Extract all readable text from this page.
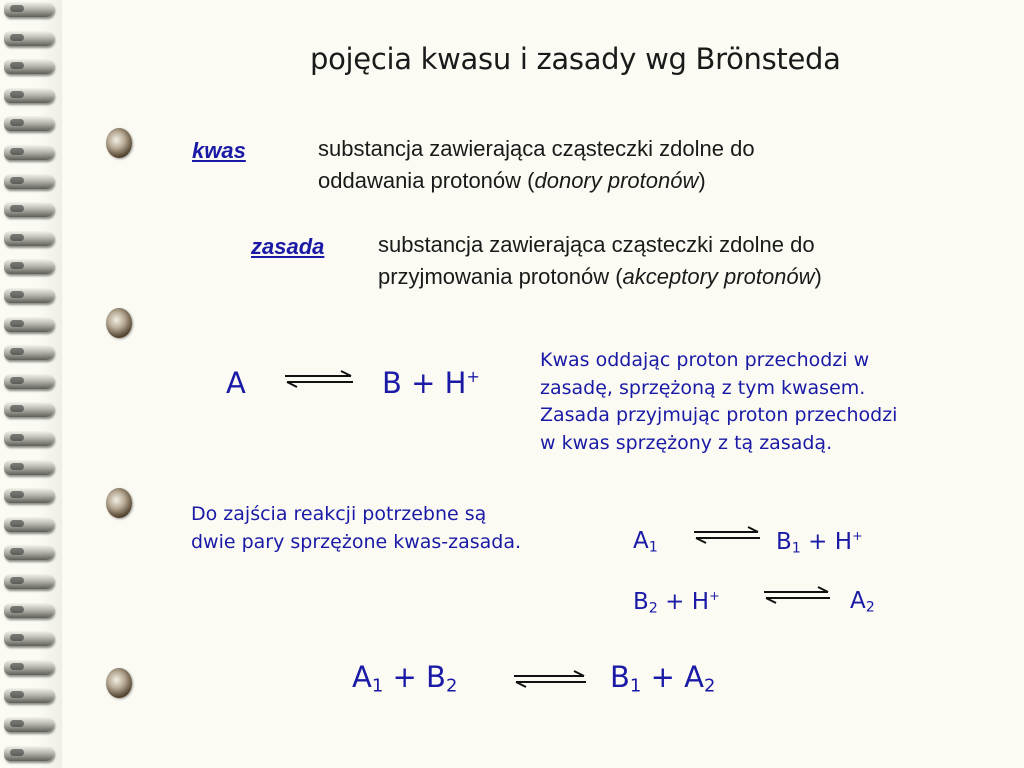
pojęcia kwasu i zasady wg Brönsteda
kwas	substancja zawierająca cząsteczki zdolne do
oddawania protonów (donory protonów)
zasada substancja zawierająca cząsteczki zdolne do
przyjmowania protonów (akceptory protonów)
A	B + H+
Kwas oddając proton przechodzi w
zasadę, sprzężoną z tym kwasem.
Zasada przyjmując proton przechodzi
w kwas sprzężony z tą zasadą.
Do zajścia reakcji potrzebne są
dwie pary sprzężone kwas-zasada.	$A_1$	$B_1 + H^+$
$B_2 + H^+$	$A_2$
$A_1 + B_2$	$B_1 + A_2$
